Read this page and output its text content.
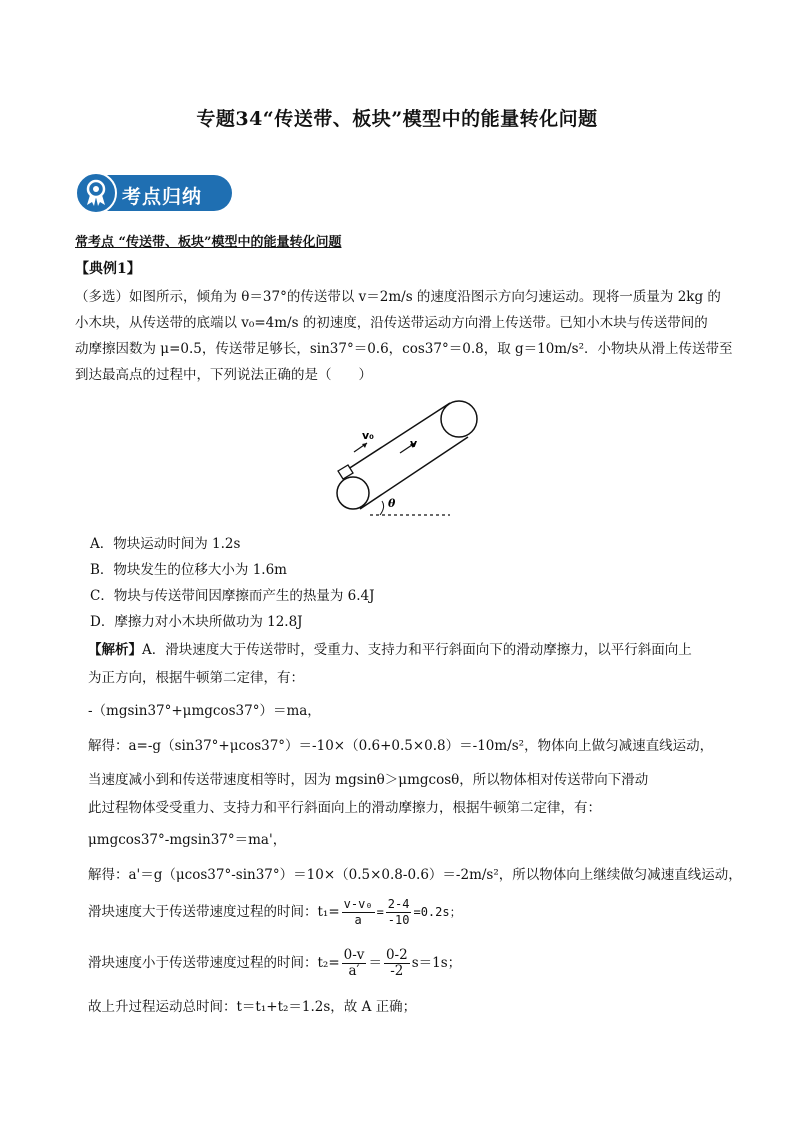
专题34“传送带、板块”模型中的能量转化问题
考点归纳
常考点 “传送带、板块”模型中的能量转化问题
【典例1】
（多选）如图所示，倾角为 θ＝37°的传送带以 v＝2m/s 的速度沿图示方向匀速运动。现将一质量为 2kg 的
小木块，从传送带的底端以 v₀=4m/s 的初速度，沿传送带运动方向滑上传送带。已知小木块与传送带间的
动摩擦因数为 μ=0.5，传送带足够长，sin37°＝0.6，cos37°＝0.8，取 g＝10m/s²．小物块从滑上传送带至
到达最高点的过程中，下列说法正确的是（　　）
v₀
v
θ
A．物块运动时间为 1.2s
B．物块发生的位移大小为 1.6m
C．物块与传送带间因摩擦而产生的热量为 6.4J
D．摩擦力对小木块所做功为 12.8J
【解析】A．滑块速度大于传送带时，受重力、支持力和平行斜面向下的滑动摩擦力，以平行斜面向上
为正方向，根据牛顿第二定律，有：
-（mgsin37°+μmgcos37°）＝ma，
解得：a=-g（sin37°+μcos37°）＝-10×（0.6+0.5×0.8）＝-10m/s²，物体向上做匀减速直线运动，
当速度减小到和传送带速度相等时，因为 mgsinθ＞μmgcosθ，所以物体相对传送带向下滑动
此过程物体受受重力、支持力和平行斜面向上的滑动摩擦力，根据牛顿第二定律，有：
μmgcos37°-mgsin37°＝ma'，
解得：a'＝g（μcos37°-sin37°）＝10×（0.5×0.8-0.6）＝-2m/s²，所以物体向上继续做匀减速直线运动，
滑块速度大于传送带速度过程的时间：$t_1= \frac{\text{v-v₀}}{a} = \frac{2-4}{-10} =0.2s$；
滑块速度小于传送带速度过程的时间：$t_2= \frac{0-v}{a'} = \frac{0-2}{-2} s=1s$；
故上升过程运动总时间：t＝t₁+t₂＝1.2s，故 A 正确；
